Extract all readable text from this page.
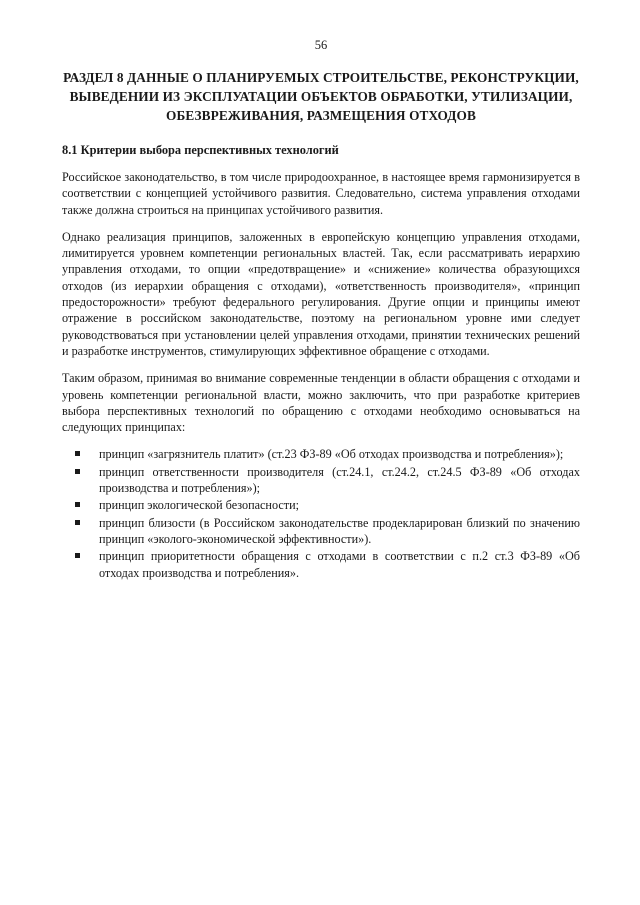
56
РАЗДЕЛ 8 ДАННЫЕ О ПЛАНИРУЕМЫХ СТРОИТЕЛЬСТВЕ, РЕКОНСТРУКЦИИ,
ВЫВЕДЕНИИ ИЗ ЭКСПЛУАТАЦИИ ОБЪЕКТОВ ОБРАБОТКИ, УТИЛИЗАЦИИ,
ОБЕЗВРЕЖИВАНИЯ, РАЗМЕЩЕНИЯ ОТХОДОВ
8.1 Критерии выбора перспективных технологий

Российское законодательство, в том числе природоохранное, в настоящее время гармонизируется в соответствии с концепцией устойчивого развития. Следовательно, система управления отходами также должна строиться на принципах устойчивого развития.

Однако реализация принципов, заложенных в европейскую концепцию управления отходами, лимитируется уровнем компетенции региональных властей. Так, если рассматривать иерархию управления отходами, то опции «предотвращение» и «снижение» количества образующихся отходов (из иерархии обращения с отходами), «ответственность производителя», «принцип предосторожности» требуют федерального регулирования. Другие опции и принципы имеют отражение в российском законодательстве, поэтому на региональном уровне ими следует руководствоваться при установлении целей управления отходами, принятии технических решений и разработке инструментов, стимулирующих эффективное обращение с отходами.

Таким образом, принимая во внимание современные тенденции в области обращения с отходами и уровень компетенции региональной власти, можно заключить, что при разработке критериев выбора перспективных технологий по обращению с отходами необходимо основываться на следующих принципах:

принцип «загрязнитель платит» (ст.23 ФЗ-89 «Об отходах производства и потребления»);
принцип ответственности производителя (ст.24.1, ст.24.2, ст.24.5 ФЗ-89 «Об отходах производства и потребления»);
принцип экологической безопасности;
принцип близости (в Российском законодательстве продекларирован близкий по значению принцип «эколого-экономической эффективности»).
принцип приоритетности обращения с отходами в соответствии с п.2 ст.3 ФЗ-89 «Об отходах производства и потребления».
